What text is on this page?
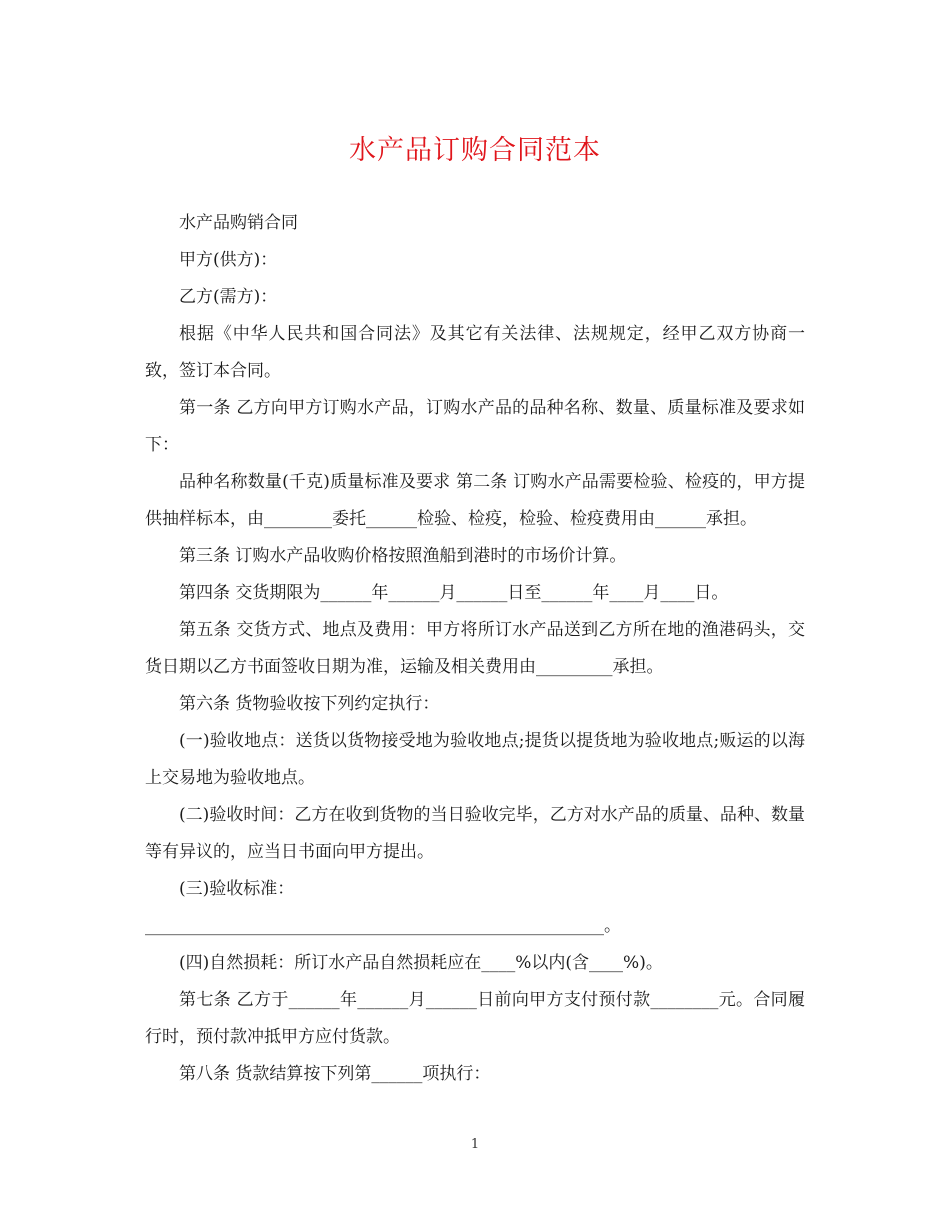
水产品订购合同范本

水产品购销合同

甲方(供方)：

乙方(需方)：

根据《中华人民共和国合同法》及其它有关法律、法规规定，经甲乙双方协商一致，签订本合同。

第一条 乙方向甲方订购水产品，订购水产品的品种名称、数量、质量标准及要求如下：

品种名称数量(千克)质量标准及要求 第二条 订购水产品需要检验、检疫的，甲方提供抽样标本，由________委托______检验、检疫，检验、检疫费用由______承担。

第三条 订购水产品收购价格按照渔船到港时的市场价计算。

第四条 交货期限为______年______月______日至______年____月____日。

第五条 交货方式、地点及费用：甲方将所订水产品送到乙方所在地的渔港码头，交货日期以乙方书面签收日期为准，运输及相关费用由_________承担。

第六条 货物验收按下列约定执行：

(一)验收地点：送货以货物接受地为验收地点;提货以提货地为验收地点;贩运的以海上交易地为验收地点。

(二)验收时间：乙方在收到货物的当日验收完毕，乙方对水产品的质量、品种、数量等有异议的，应当日书面向甲方提出。

(三)验收标准：

______________________________________________________。

(四)自然损耗：所订水产品自然损耗应在____%以内(含____%)。

第七条 乙方于______年______月______日前向甲方支付预付款________元。合同履行时，预付款冲抵甲方应付货款。

第八条 货款结算按下列第______项执行：

1
